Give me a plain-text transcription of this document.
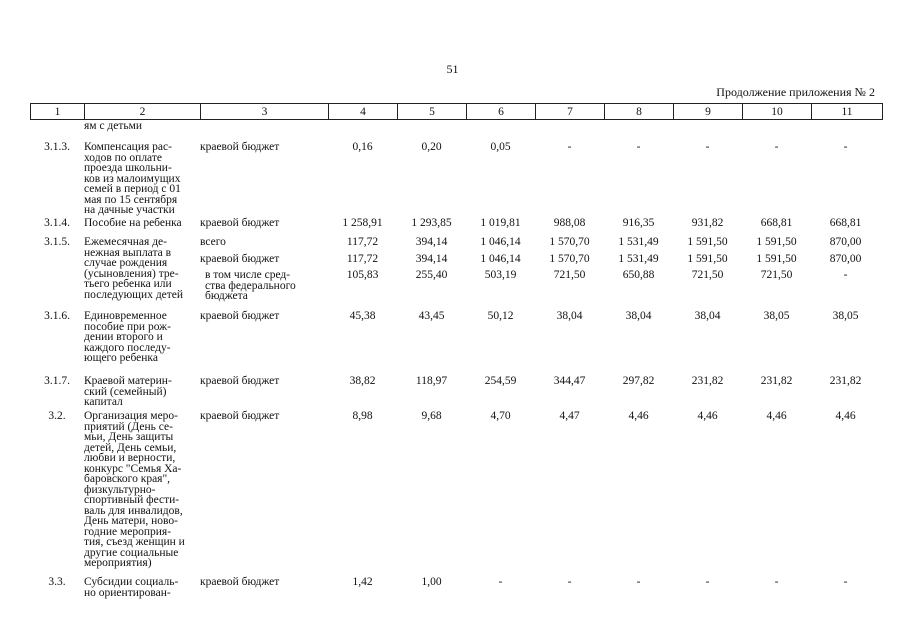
51
Продолжение приложения № 2
1	2	3	4	5	6	7	8	9	10	11
ям с детьми
3.1.3.	Компенсация рас-
ходов по оплате
проезда школьни-
ков из малоимущих
семей в период с 01
мая по 15 сентября
на дачные участки
краевой бюджет	0,16	0,20	0,05	-	-	-	-	-
3.1.4.	Пособие на ребенка	краевой бюджет	1 258,91	1 293,85	1 019,81	988,08	916,35	931,82	668,81	668,81
3.1.5.	Ежемесячная де-
нежная выплата в
случае рождения
(усыновления) тре-
тьего ребенка или
последующих детей
всего	117,72	394,14	1 046,14	1 570,70	1 531,49	1 591,50	1 591,50	870,00
краевой бюджет	117,72	394,14	1 046,14	1 570,70	1 531,49	1 591,50	1 591,50	870,00
в том числе сред-
ства федерального
бюджета
105,83	255,40	503,19	721,50	650,88	721,50	721,50	-
3.1.6.	Единовременное
пособие при рож-
дении второго и
каждого последу-
ющего ребенка
краевой бюджет	45,38	43,45	50,12	38,04	38,04	38,04	38,05	38,05
3.1.7.	Краевой материн-
ский (семейный)
капитал
краевой бюджет	38,82	118,97	254,59	344,47	297,82	231,82	231,82	231,82
3.2.	Организация меро-
приятий (День се-
мьи, День защиты
детей, День семьи,
любви и верности,
конкурс "Семья Ха-
баровского края",
физкультурно-
спортивный фести-
валь для инвалидов,
День матери, ново-
годние мероприя-
тия, съезд женщин и
другие социальные
мероприятия)
краевой бюджет	8,98	9,68	4,70	4,47	4,46	4,46	4,46	4,46
3.3.	Субсидии социаль-
но ориентирован-
краевой бюджет	1,42	1,00	-	-	-	-	-	-
